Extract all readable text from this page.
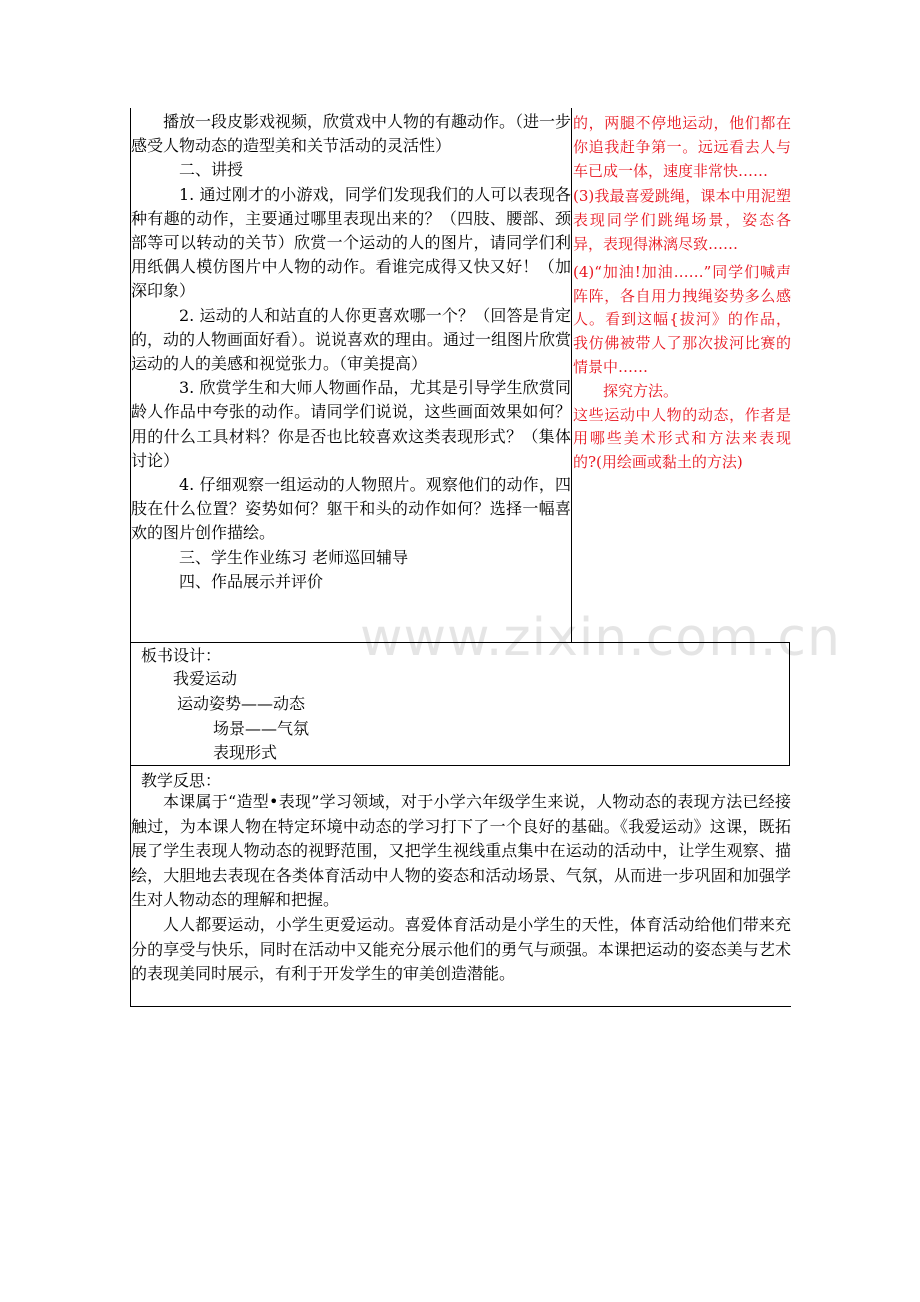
www.zixin.com.cn

播放一段皮影戏视频，欣赏戏中人物的有趣动作。（进一步感受人物动态的造型美和关节活动的灵活性）

二、讲授

1. 通过刚才的小游戏，同学们发现我们的人可以表现各种有趣的动作，主要通过哪里表现出来的？（四肢、腰部、颈部等可以转动的关节）欣赏一个运动的人的图片，请同学们利用纸偶人模仿图片中人物的动作。看谁完成得又快又好！（加深印象）

2. 运动的人和站直的人你更喜欢哪一个？（回答是肯定的，动的人物画面好看）。说说喜欢的理由。通过一组图片欣赏运动的人的美感和视觉张力。（审美提高）

3. 欣赏学生和大师人物画作品，尤其是引导学生欣赏同龄人作品中夸张的动作。请同学们说说，这些画面效果如何？用的什么工具材料？你是否也比较喜欢这类表现形式？（集体讨论）

4. 仔细观察一组运动的人物照片。观察他们的动作，四肢在什么位置？姿势如何？躯干和头的动作如何？选择一幅喜欢的图片创作描绘。

三、学生作业练习 老师巡回辅导

四、作品展示并评价

的，两腿不停地运动，他们都在你追我赶争第一。远远看去人与车已成一体，速度非常快……

(3)我最喜爱跳绳，课本中用泥塑表现同学们跳绳场景，姿态各异，表现得淋漓尽致……

(4)“加油!加油……”同学们喊声阵阵，各自用力拽绳姿势多么感人。看到这幅{拔河》的作品，我仿佛被带人了那次拔河比赛的情景中……

探究方法。

这些运动中人物的动态，作者是用哪些美术形式和方法来表现的?(用绘画或黏土的方法)

板书设计：
我爱运动
运动姿势——动态
场景——气氛
表现形式
教学反思：

本课属于“造型•表现”学习领域，对于小学六年级学生来说，人物动态的表现方法已经接触过，为本课人物在特定环境中动态的学习打下了一个良好的基础。《我爱运动》这课，既拓展了学生表现人物动态的视野范围，又把学生视线重点集中在运动的活动中，让学生观察、描绘，大胆地去表现在各类体育活动中人物的姿态和活动场景、气氛，从而进一步巩固和加强学生对人物动态的理解和把握。

人人都要运动，小学生更爱运动。喜爱体育活动是小学生的天性，体育活动给他们带来充分的享受与快乐，同时在活动中又能充分展示他们的勇气与顽强。本课把运动的姿态美与艺术的表现美同时展示，有利于开发学生的审美创造潜能。
